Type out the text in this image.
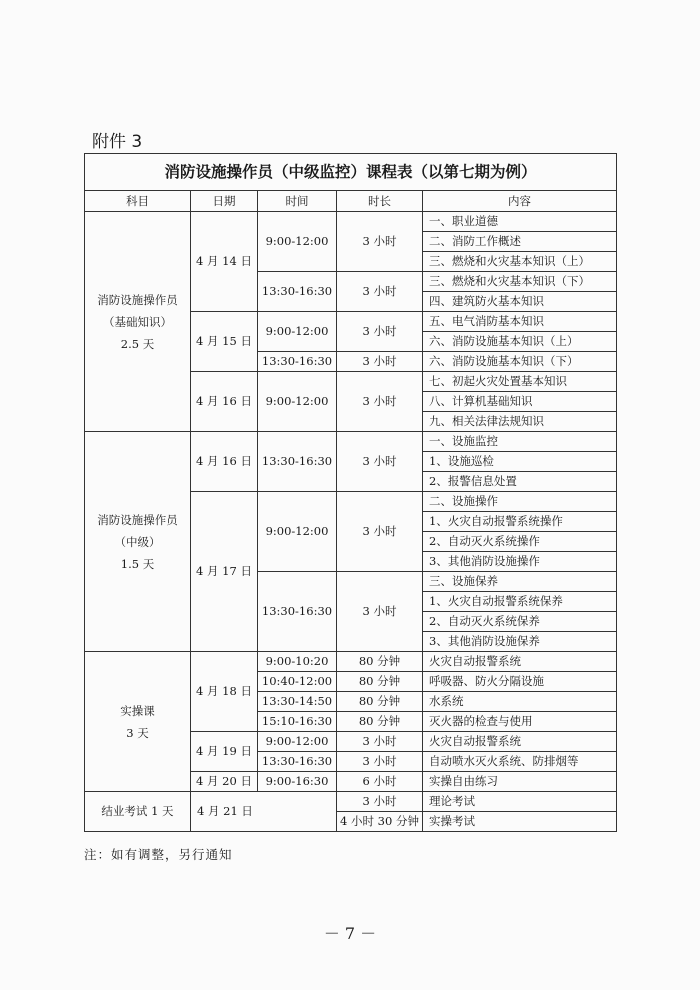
附件 3
消防设施操作员（中级监控）课程表（以第七期为例）				
科目	日期	时间	时长	内容

消防设施操作员
（基础知识）
2.5 天	4 月 14 日	9:00-12:00	3 小时	一、职业道德
				二、消防工作概述
				三、燃烧和火灾基本知识（上）
		13:30-16:30	3 小时	三、燃烧和火灾基本知识（下）
				四、建筑防火基本知识
	4 月 15 日	9:00-12:00	3 小时	五、电气消防基本知识
				六、消防设施基本知识（上）
		13:30-16:30	3 小时	六、消防设施基本知识（下）
	4 月 16 日	9:00-12:00	3 小时	七、初起火灾处置基本知识
				八、计算机基础知识
				九、相关法律法规知识

消防设施操作员
（中级）
1.5 天	4 月 16 日	13:30-16:30	3 小时	一、设施监控
				1、设施巡检
				2、报警信息处置
	4 月 17 日	9:00-12:00	3 小时	二、设施操作
				1、火灾自动报警系统操作
				2、自动灭火系统操作
				3、其他消防设施操作
		13:30-16:30	3 小时	三、设施保养
				1、火灾自动报警系统保养
				2、自动灭火系统保养
				3、其他消防设施保养

实操课
3 天	4 月 18 日	9:00-10:20	80 分钟	火灾自动报警系统
		10:40-12:00	80 分钟	呼吸器、防火分隔设施
		13:30-14:50	80 分钟	水系统
		15:10-16:30	80 分钟	灭火器的检查与使用
	4 月 19 日	9:00-12:00	3 小时	火灾自动报警系统
		13:30-16:30	3 小时	自动喷水灭火系统、防排烟等
	4 月 20 日	9:00-16:30	6 小时	实操自由练习
结业考试 1 天	4 月 21 日		3 小时	理论考试
			4 小时 30 分钟	实操考试
注：如有调整，另行通知
－ 7 －
